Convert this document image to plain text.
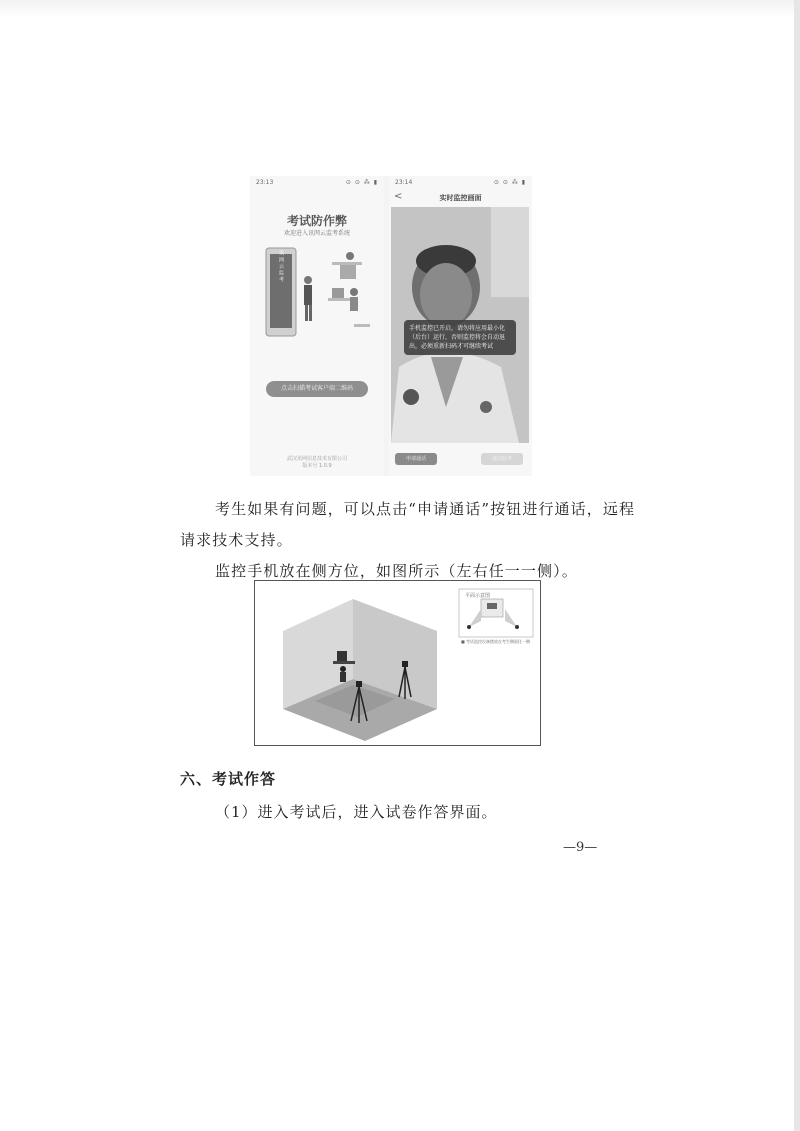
23:13	⊙ ⊙ ⁂ ▮
考试防作弊
欢迎进入讯网云监考系统
讯 网 云 监 考
点击扫描考试客户端二维码
武汉讯网信息技术有限公司
版本号 1.0.9
23:14	⊙ ⊙ ⁂ ▮
<	实时监控画面
手机监控已开启，请勿将应用最小化（后台）运行，否则监控将会自动退出，必须重新扫码才可继续考试
申请通话	退出监考
考生如果有问题，可以点击“申请通话”按钮进行通话，远程
请求技术支持。
监控手机放在侧方位，如图所示（左右任一一侧）。
平面示意图
■ 考试监控设备摆放在考生侧面任一侧
六、考试作答
（1）进入考试后，进入试卷作答界面。
—9—
